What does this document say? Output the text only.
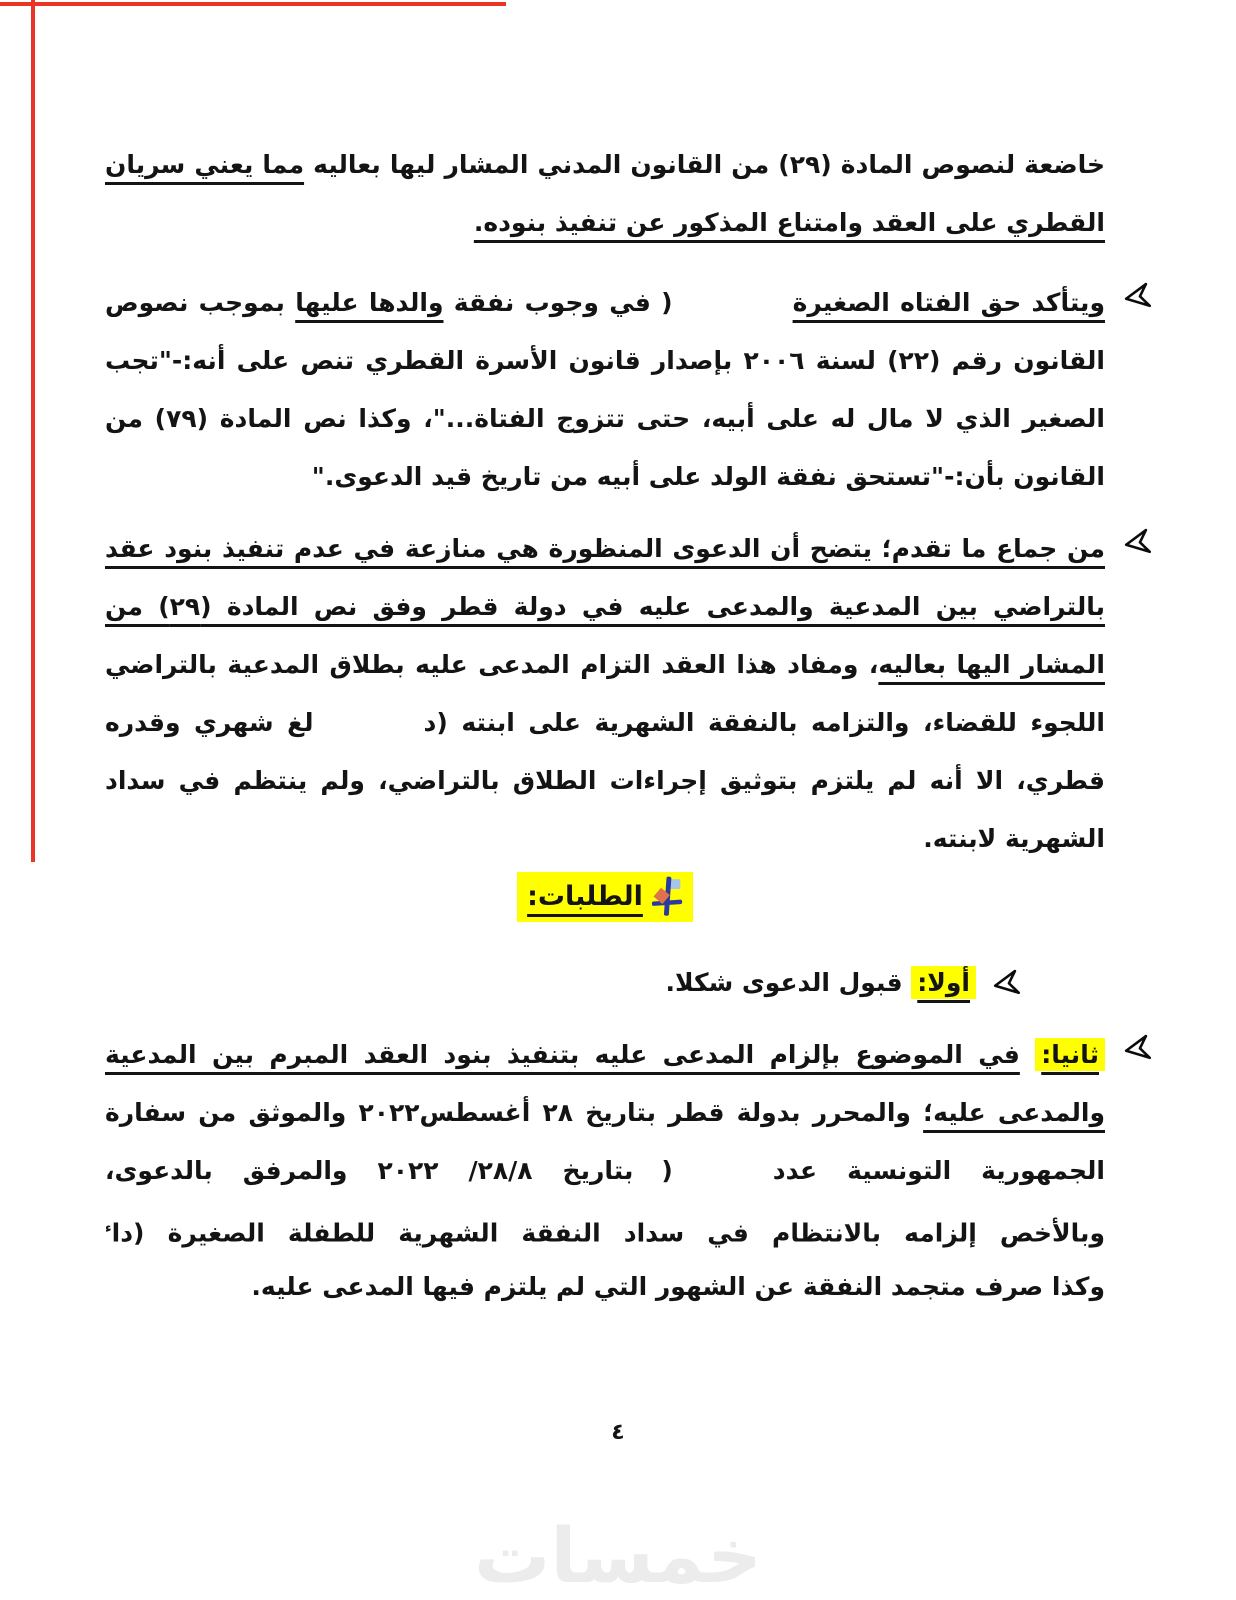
خاضعة لنصوص المادة (٢٩) من القانون المدني المشار ليها بعاليه مما يعني سريان
القطري على العقد وامتناع المذكور عن تنفيذ بنوده.
ويتأكد حق الفتاه الصغيرة( في وجوب نفقة والدها عليها بموجب نصوص
القانون رقم (٢٢) لسنة ٢٠٠٦ بإصدار قانون الأسرة القطري تنص على أنه:-"تجب
الصغير الذي لا مال له على أبيه، حتى تتزوج الفتاة..."، وكذا نص المادة (٧٩) من
القانون بأن:-"تستحق نفقة الولد على أبيه من تاريخ قيد الدعوى."
من جماع ما تقدم؛ يتضح أن الدعوى المنظورة هي منازعة في عدم تنفيذ بنود عقد
بالتراضي بين المدعية والمدعى عليه في دولة قطر وفق نص المادة (٢٩) من
المشار اليها بعاليه، ومفاد هذا العقد التزام المدعى عليه بطلاق المدعية بالتراضي
اللجوء للقضاء، والتزامه بالنفقة الشهرية على ابنته (دلغ شهري وقدره
قطري، الا أنه لم يلتزم بتوثيق إجراءات الطلاق بالتراضي، ولم ينتظم في سداد
الشهرية لابنته.
الطلبات:
أولا: قبول الدعوى شكلا.
ثانيا: في الموضوع بإلزام المدعى عليه بتنفيذ بنود العقد المبرم بين المدعية
والمدعى عليه؛ والمحرر بدولة قطر بتاريخ ٢٨ أغسطس٢٠٢٢ والموثق من سفارة
الجمهورية التونسية عدد (بتاريخ ٢٨/٨/ ٢٠٢٢ والمرفق بالدعوى،
وبالأخص إلزامه بالانتظام في سداد النفقة الشهرية للطفلة الصغيرة (دا$^ء$
وكذا صرف متجمد النفقة عن الشهور التي لم يلتزم فيها المدعى عليه.
٤
خمسات
